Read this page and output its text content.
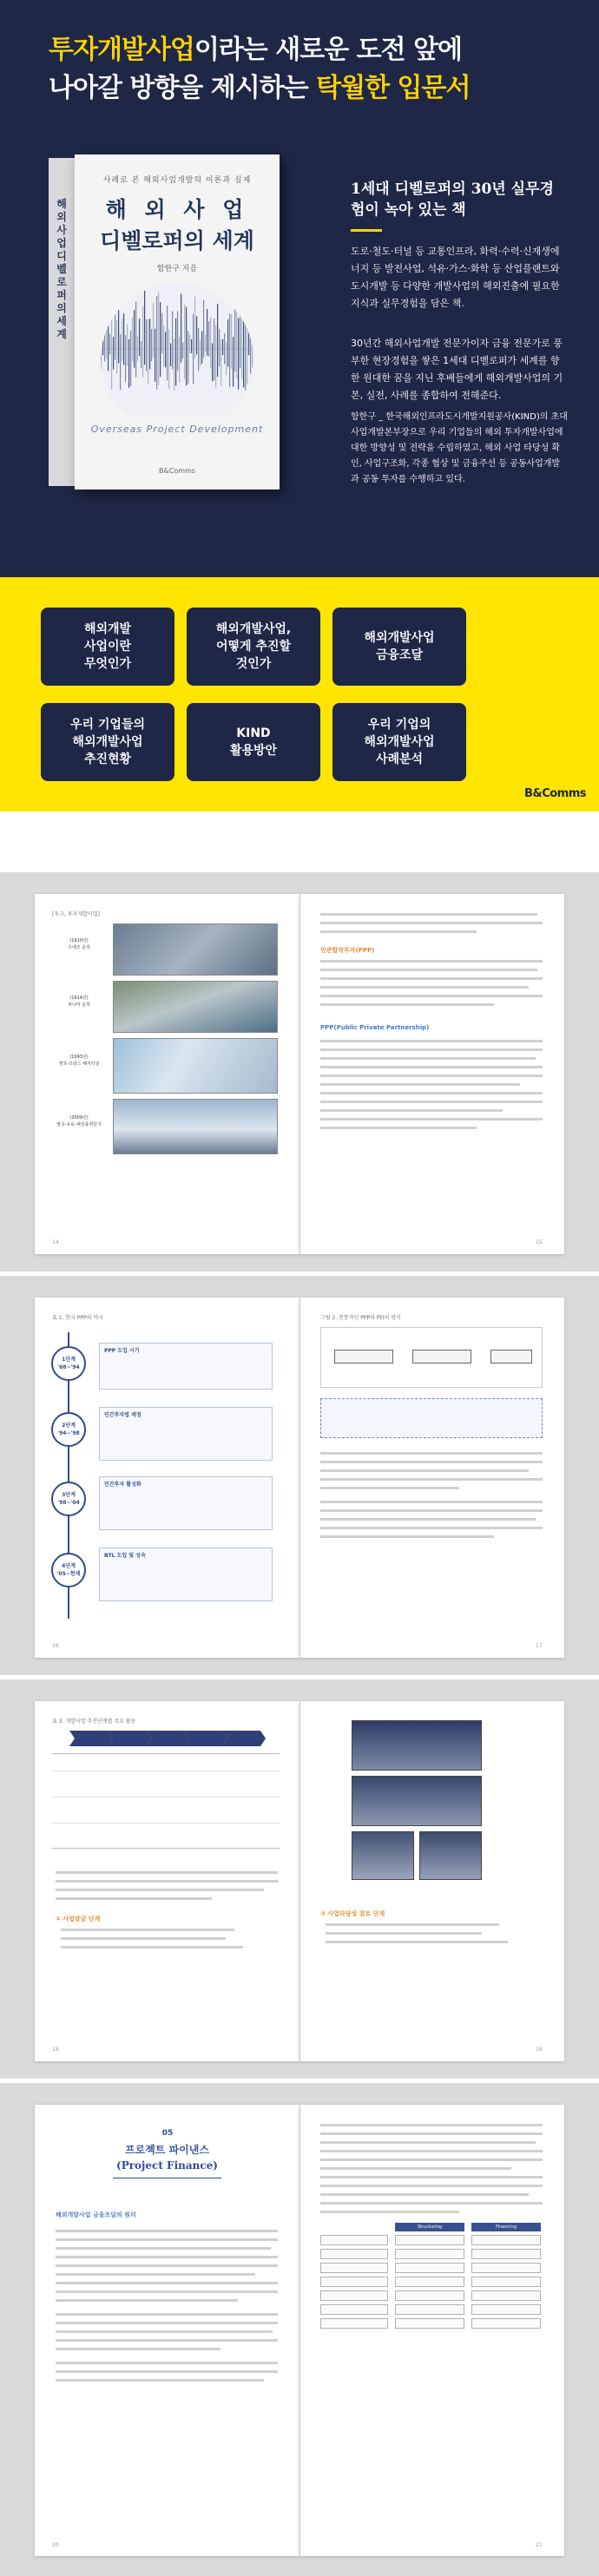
투자개발사업이라는 새로운 도전 앞에
나아갈 방향을 제시하는 탁월한 입문서
해외 사업 디벨로퍼의 세계
사례로 본 해외사업개발의 이론과 실제
해 외 사 업
디벨로퍼의 세계
함한구 지음
Overseas Project Development
B&Comms
1세대 디벨로퍼의 30년 실무경험이 녹아 있는 책

도로·철도·터널 등 교통인프라, 화력·수력·신재생에너지 등 발전사업, 석유·가스·화학 등 산업플랜트와 도시개발 등 다양한 개발사업의 해외진출에 필요한 지식과 실무경험을 담은 책.

30년간 해외사업개발 전문가이자 금융 전문가로 풍부한 현장경험을 쌓은 1세대 디벨로퍼가 세계를 향한 원대한 꿈을 지닌 후배들에게 해외개발사업의 기본, 실전, 사례를 종합하여 전해준다.

함한구 _ 한국해외인프라도시개발지원공사(KIND)의 초대 사업개발본부장으로 우리 기업들의 해외 투자개발사업에 대한 방향성 및 전략을 수립하였고, 해외 사업 타당성 확인, 사업구조화, 각종 협상 및 금융주선 등 공동사업개발과 공동 투자를 수행하고 있다.

해외개발
사업이란
무엇인가
해외개발사업,
어떻게 추진할
것인가
해외개발사업
금융조달
우리 기업들의
해외개발사업
추진현황
KIND
활용방안
우리 기업의
해외개발사업
사례분석
B&Comms
[우크, 투자개발사업]
(1910년)
수에즈 운하
(1914년)
파나마 운하
(1993년)
영국-프랑스 해저터널
(2009년)
영국-유로-해상풍력단지
14
민관합작투자(PPP)
PPP(Public Private Partnership)
15
표 1. 한국 PPP의 역사
1단계
'68~'94
2단계
'94~'98
3단계
'98~'04
4단계
'05~현재
PPP 도입 시기
민간투자법 제정
민간투자 활성화
BTL 도입 및 성숙
16
그림 2. 전통적인 PPP와 PFI의 방식
17
표 3. 개발사업 추진단계별 주요 활동
① 사업발굴 단계
18
② 사업타당성 검토 단계
19
05
프로젝트 파이낸스
(Project Finance)
해외개발사업 금융조달의 원리
20
Structuring	Financing
21
